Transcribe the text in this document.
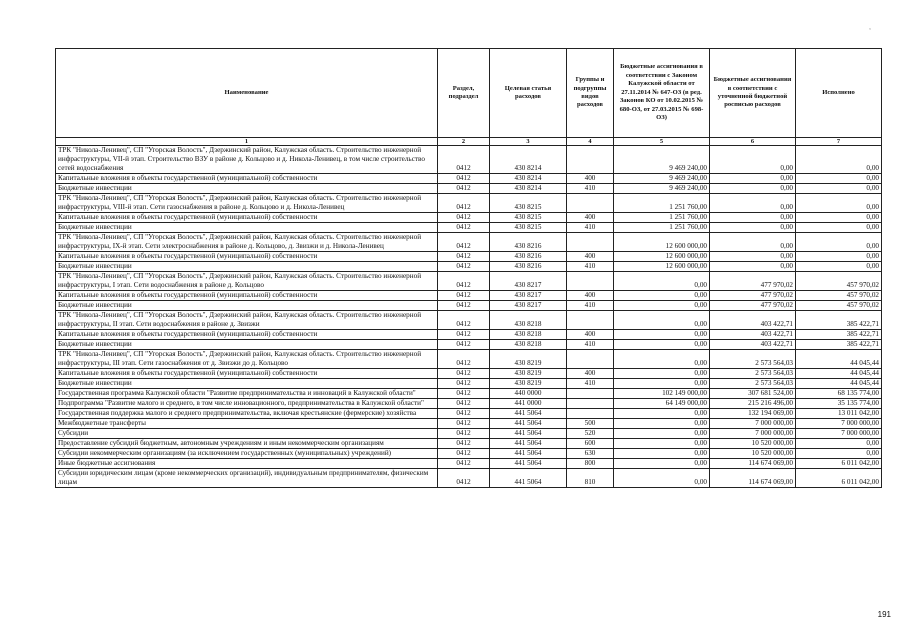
Наименование	Раздел, подраздел	Целевая статья расходов	Группы и подгруппы видов расходов	Бюджетные ассигнования в соответствии с Законом Калужской области от 27.11.2014 № 647-ОЗ (в ред. Законов КО от 10.02.2015 № 680-ОЗ, от 27.03.2015 № 698-ОЗ)	Бюджетные ассигнования в соответствии с уточненной бюджетной росписью расходов	Исполнено
1	2	3	4	5	6	7
ТРК "Никола-Ленивец", СП "Угорская Волость", Дзержинский район, Калужская область. Строительство инженерной инфраструктуры, VII-й этап. Строительство ВЗУ в районе д. Кольцово и д. Никола-Ленивец, в том числе строительство сетей водоснабжения	0412	430 8214		9 469 240,00	0,00	0,00
Капитальные вложения в объекты государственной (муниципальной) собственности	0412	430 8214	400	9 469 240,00	0,00	0,00
Бюджетные инвестиции	0412	430 8214	410	9 469 240,00	0,00	0,00
ТРК "Никола-Ленивец", СП "Угорская Волость", Дзержинский район, Калужская область. Строительство инженерной инфраструктуры, VIII-й этап. Сети газоснабжения в районе д. Кольцово и д. Никола-Ленивец	0412	430 8215		1 251 760,00	0,00	0,00
Капитальные вложения в объекты государственной (муниципальной) собственности	0412	430 8215	400	1 251 760,00	0,00	0,00
Бюджетные инвестиции	0412	430 8215	410	1 251 760,00	0,00	0,00
ТРК "Никола-Ленивец", СП "Угорская Волость", Дзержинский район, Калужская область. Строительство инженерной инфраструктуры, IX-й этап. Сети электроснабжения в районе д. Кольцово, д. Звизжи и д. Никола-Ленивец	0412	430 8216		12 600 000,00	0,00	0,00
Капитальные вложения в объекты государственной (муниципальной) собственности	0412	430 8216	400	12 600 000,00	0,00	0,00
Бюджетные инвестиции	0412	430 8216	410	12 600 000,00	0,00	0,00
ТРК "Никола-Ленивец", СП "Угорская Волость", Дзержинский район, Калужская область. Строительство инженерной инфраструктуры, I этап. Сети водоснабжения в районе д. Кольцово	0412	430 8217		0,00	477 970,02	457 970,02
Капитальные вложения в объекты государственной (муниципальной) собственности	0412	430 8217	400	0,00	477 970,02	457 970,02
Бюджетные инвестиции	0412	430 8217	410	0,00	477 970,02	457 970,02
ТРК "Никола-Ленивец", СП "Угорская Волость", Дзержинский район, Калужская область. Строительство инженерной инфраструктуры, II этап. Сети водоснабжения в районе д. Звизжи	0412	430 8218		0,00	403 422,71	385 422,71
Капитальные вложения в объекты государственной (муниципальной) собственности	0412	430 8218	400	0,00	403 422,71	385 422,71
Бюджетные инвестиции	0412	430 8218	410	0,00	403 422,71	385 422,71
ТРК "Никола-Ленивец", СП "Угорская Волость", Дзержинский район, Калужская область. Строительство инженерной инфраструктуры, III этап. Сети газоснабжения от д. Звизжи до д. Кольцово	0412	430 8219		0,00	2 573 564,03	44 045,44
Капитальные вложения в объекты государственной (муниципальной) собственности	0412	430 8219	400	0,00	2 573 564,03	44 045,44
Бюджетные инвестиции	0412	430 8219	410	0,00	2 573 564,03	44 045,44
Государственная программа Калужской области "Развитие предпринимательства и инноваций в Калужской области"	0412	440 0000		102 149 000,00	307 681 524,00	68 135 774,00
Подпрограмма "Развитие малого и среднего, в том числе инновационного, предпринимательства в Калужской области"	0412	441 0000		64 149 000,00	215 216 496,00	35 135 774,00
Государственная поддержка малого и среднего предпринимательства, включая крестьянские (фермерские) хозяйства	0412	441 5064		0,00	132 194 069,00	13 011 042,00
Межбюджетные трансферты	0412	441 5064	500	0,00	7 000 000,00	7 000 000,00
Субсидии	0412	441 5064	520	0,00	7 000 000,00	7 000 000,00
Предоставление субсидий бюджетным, автономным учреждениям и иным некоммерческим организациям	0412	441 5064	600	0,00	10 520 000,00	0,00
Субсидии некоммерческим организациям (за исключением государственных (муниципальных) учреждений)	0412	441 5064	630	0,00	10 520 000,00	0,00
Иные бюджетные ассигнования	0412	441 5064	800	0,00	114 674 069,00	6 011 042,00
Субсидии юридическим лицам (кроме некоммерческих организаций), индивидуальным предпринимателям, физическим лицам	0412	441 5064	810	0,00	114 674 069,00	6 011 042,00
,
191
